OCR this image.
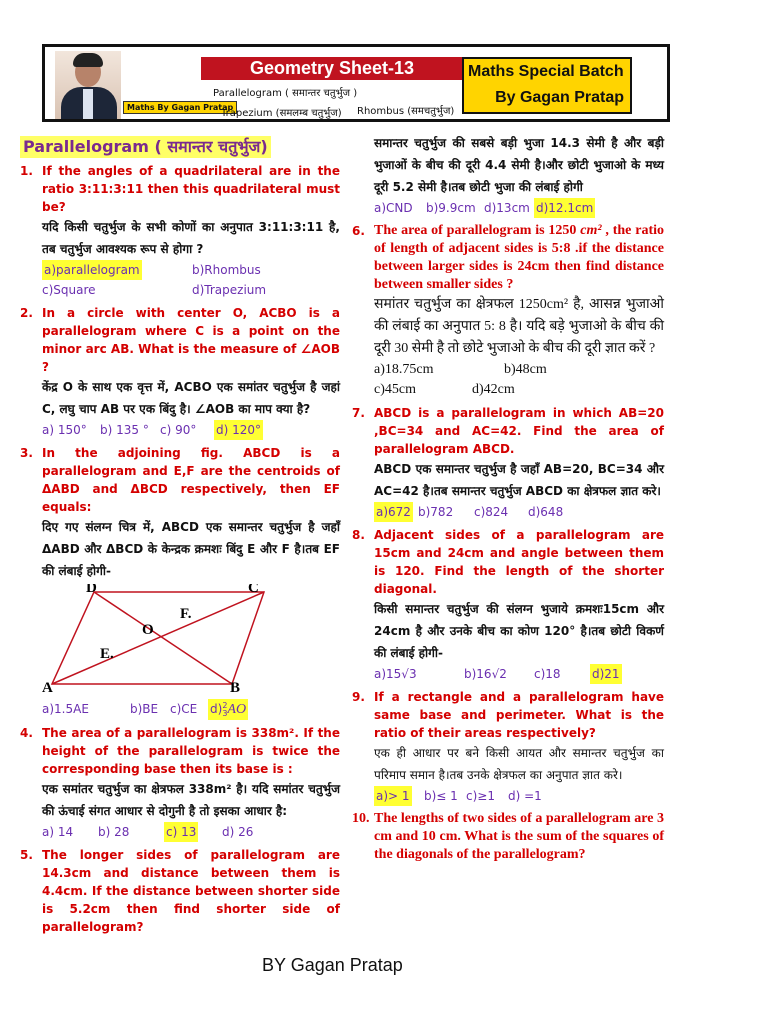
Maths By Gagan Pratap
Geometry Sheet-13
Parallelogram ( समान्तर चतुर्भुज )
Trapezium (समलम्ब चतुर्भुज) Rhombus (समचतुर्भुज)
Maths Special Batch
By Gagan Pratap
Parallelogram ( समान्तर चतुर्भुज)
1. If the angles of a quadrilateral are in the ratio 3:11:3:11 then this quadrilateral must be?
यदि किसी चतुर्भुज के सभी कोणों का अनुपात 3:11:3:11 है, तब चतुर्भुज आवश्यक रूप से होगा ?
a)parallelogram	b)Rhombus
c)Square	d)Trapezium
2. In a circle with center O, ACBO is a parallelogram where C is a point on the minor arc AB. What is the measure of ∠AOB ?
केंद्र O के साथ एक वृत्त में, ACBO एक समांतर चतुर्भुज है जहां C, लघु चाप AB पर एक बिंदु है। ∠AOB का माप क्या है?
a) 150° b) 135 ° c) 90° d) 120°
3. In the adjoining fig. ABCD is a parallelogram and E,F are the centroids of ΔABD and ΔBCD respectively, then EF equals:
दिए गए संलग्न चित्र में, ABCD एक समान्तर चतुर्भुज है जहाँ ΔABD और ΔBCD के केन्द्रक क्रमशः बिंदु E और F है।तब EF की लंबाई होगी-
D	C
O
F.
E.
A	B
a)1.5AE	b)BE c)CE d) 2
3 AO
4. The area of a parallelogram is 338m². If the height of the parallelogram is twice the corresponding base then its base is :
एक समांतर चतुर्भुज का क्षेत्रफल 338m² है। यदि समांतर चतुर्भुज की ऊंचाई संगत आधार से दोगुनी है तो इसका आधार है:
a) 14 b) 28	c) 13 d) 26
5. The longer sides of parallelogram are 14.3cm and distance between them is 4.4cm. If the distance between shorter side is 5.2cm then find shorter side of parallelogram?
समान्तर चतुर्भुज की सबसे बड़ी भुजा 14.3 सेमी है और बड़ी भुजाओं के बीच की दूरी 4.4 सेमी है।और छोटी भुजाओ के मध्य दूरी 5.2 सेमी है।तब छोटी भुजा की लंबाई होगी
a)CND b)9.9cm d)13cm d)12.1cm
6. The area of parallelogram is 1250 cm² , the ratio of length of adjacent sides is 5:8 .if the distance between larger sides is 24cm then find distance between smaller sides ?
समांतर चतुर्भुज का क्षेत्रफल 1250cm² है, आसन्न भुजाओ की लंबाई का अनुपात 5: 8 है। यदि बड़े भुजाओ के बीच की दूरी 30 सेमी है तो छोटे भुजाओ के बीच की दूरी ज्ञात करें ?
a)18.75cm	b)48cm
c)45cm	d)42cm
7. ABCD is a parallelogram in which AB=20 ,BC=34 and AC=42. Find the area of parallelogram ABCD.
ABCD एक समान्तर चतुर्भुज है जहाँ AB=20, BC=34 और AC=42 है।तब समान्तर चतुर्भुज ABCD का क्षेत्रफल ज्ञात करे।
a)672 b)782 c)824 d)648
8. Adjacent sides of a parallelogram are 15cm and 24cm and angle between them is 120. Find the length of the shorter diagonal.
किसी समान्तर चतुर्भुज की संलग्न भुजाये क्रमशः15cm और 24cm है और उनके बीच का कोण 120° है।तब छोटी विकर्ण की लंबाई होगी-
a)15√3	b)16√2 c)18	d)21
9. If a rectangle and a parallelogram have same base and perimeter. What is the ratio of their areas respectively?
एक ही आधार पर बने किसी आयत और समान्तर चतुर्भुज का परिमाप समान है।तब उनके क्षेत्रफल का अनुपात ज्ञात करे।
a)> 1 b)≤ 1 c)≥1 d) =1
10. The lengths of two sides of a parallelogram are 3 cm and 10 cm. What is the sum of the squares of the diagonals of the parallelogram?
BY Gagan Pratap
